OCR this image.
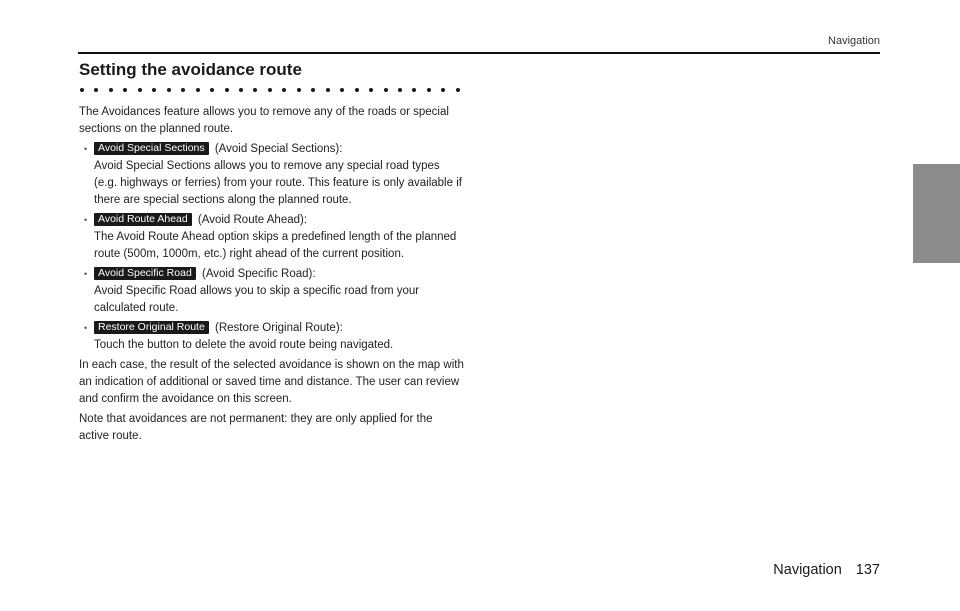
Navigation
Setting the avoidance route

The Avoidances feature allows you to remove any of the roads or special sections on the planned route.

• Avoid Special Sections (Avoid Special Sections):
Avoid Special Sections allows you to remove any special road types (e.g. highways or ferries) from your route. This feature is only available if there are special sections along the planned route.
• Avoid Route Ahead (Avoid Route Ahead):
The Avoid Route Ahead option skips a predefined length of the planned route (500m, 1000m, etc.) right ahead of the current position.
• Avoid Specific Road (Avoid Specific Road):
Avoid Specific Road allows you to skip a specific road from your calculated route.
• Restore Original Route (Restore Original Route):
Touch the button to delete the avoid route being navigated.

In each case, the result of the selected avoidance is shown on the map with an indication of additional or saved time and distance. The user can review and confirm the avoidance on this screen.

Note that avoidances are not permanent: they are only applied for the active route.

Navigation 137
